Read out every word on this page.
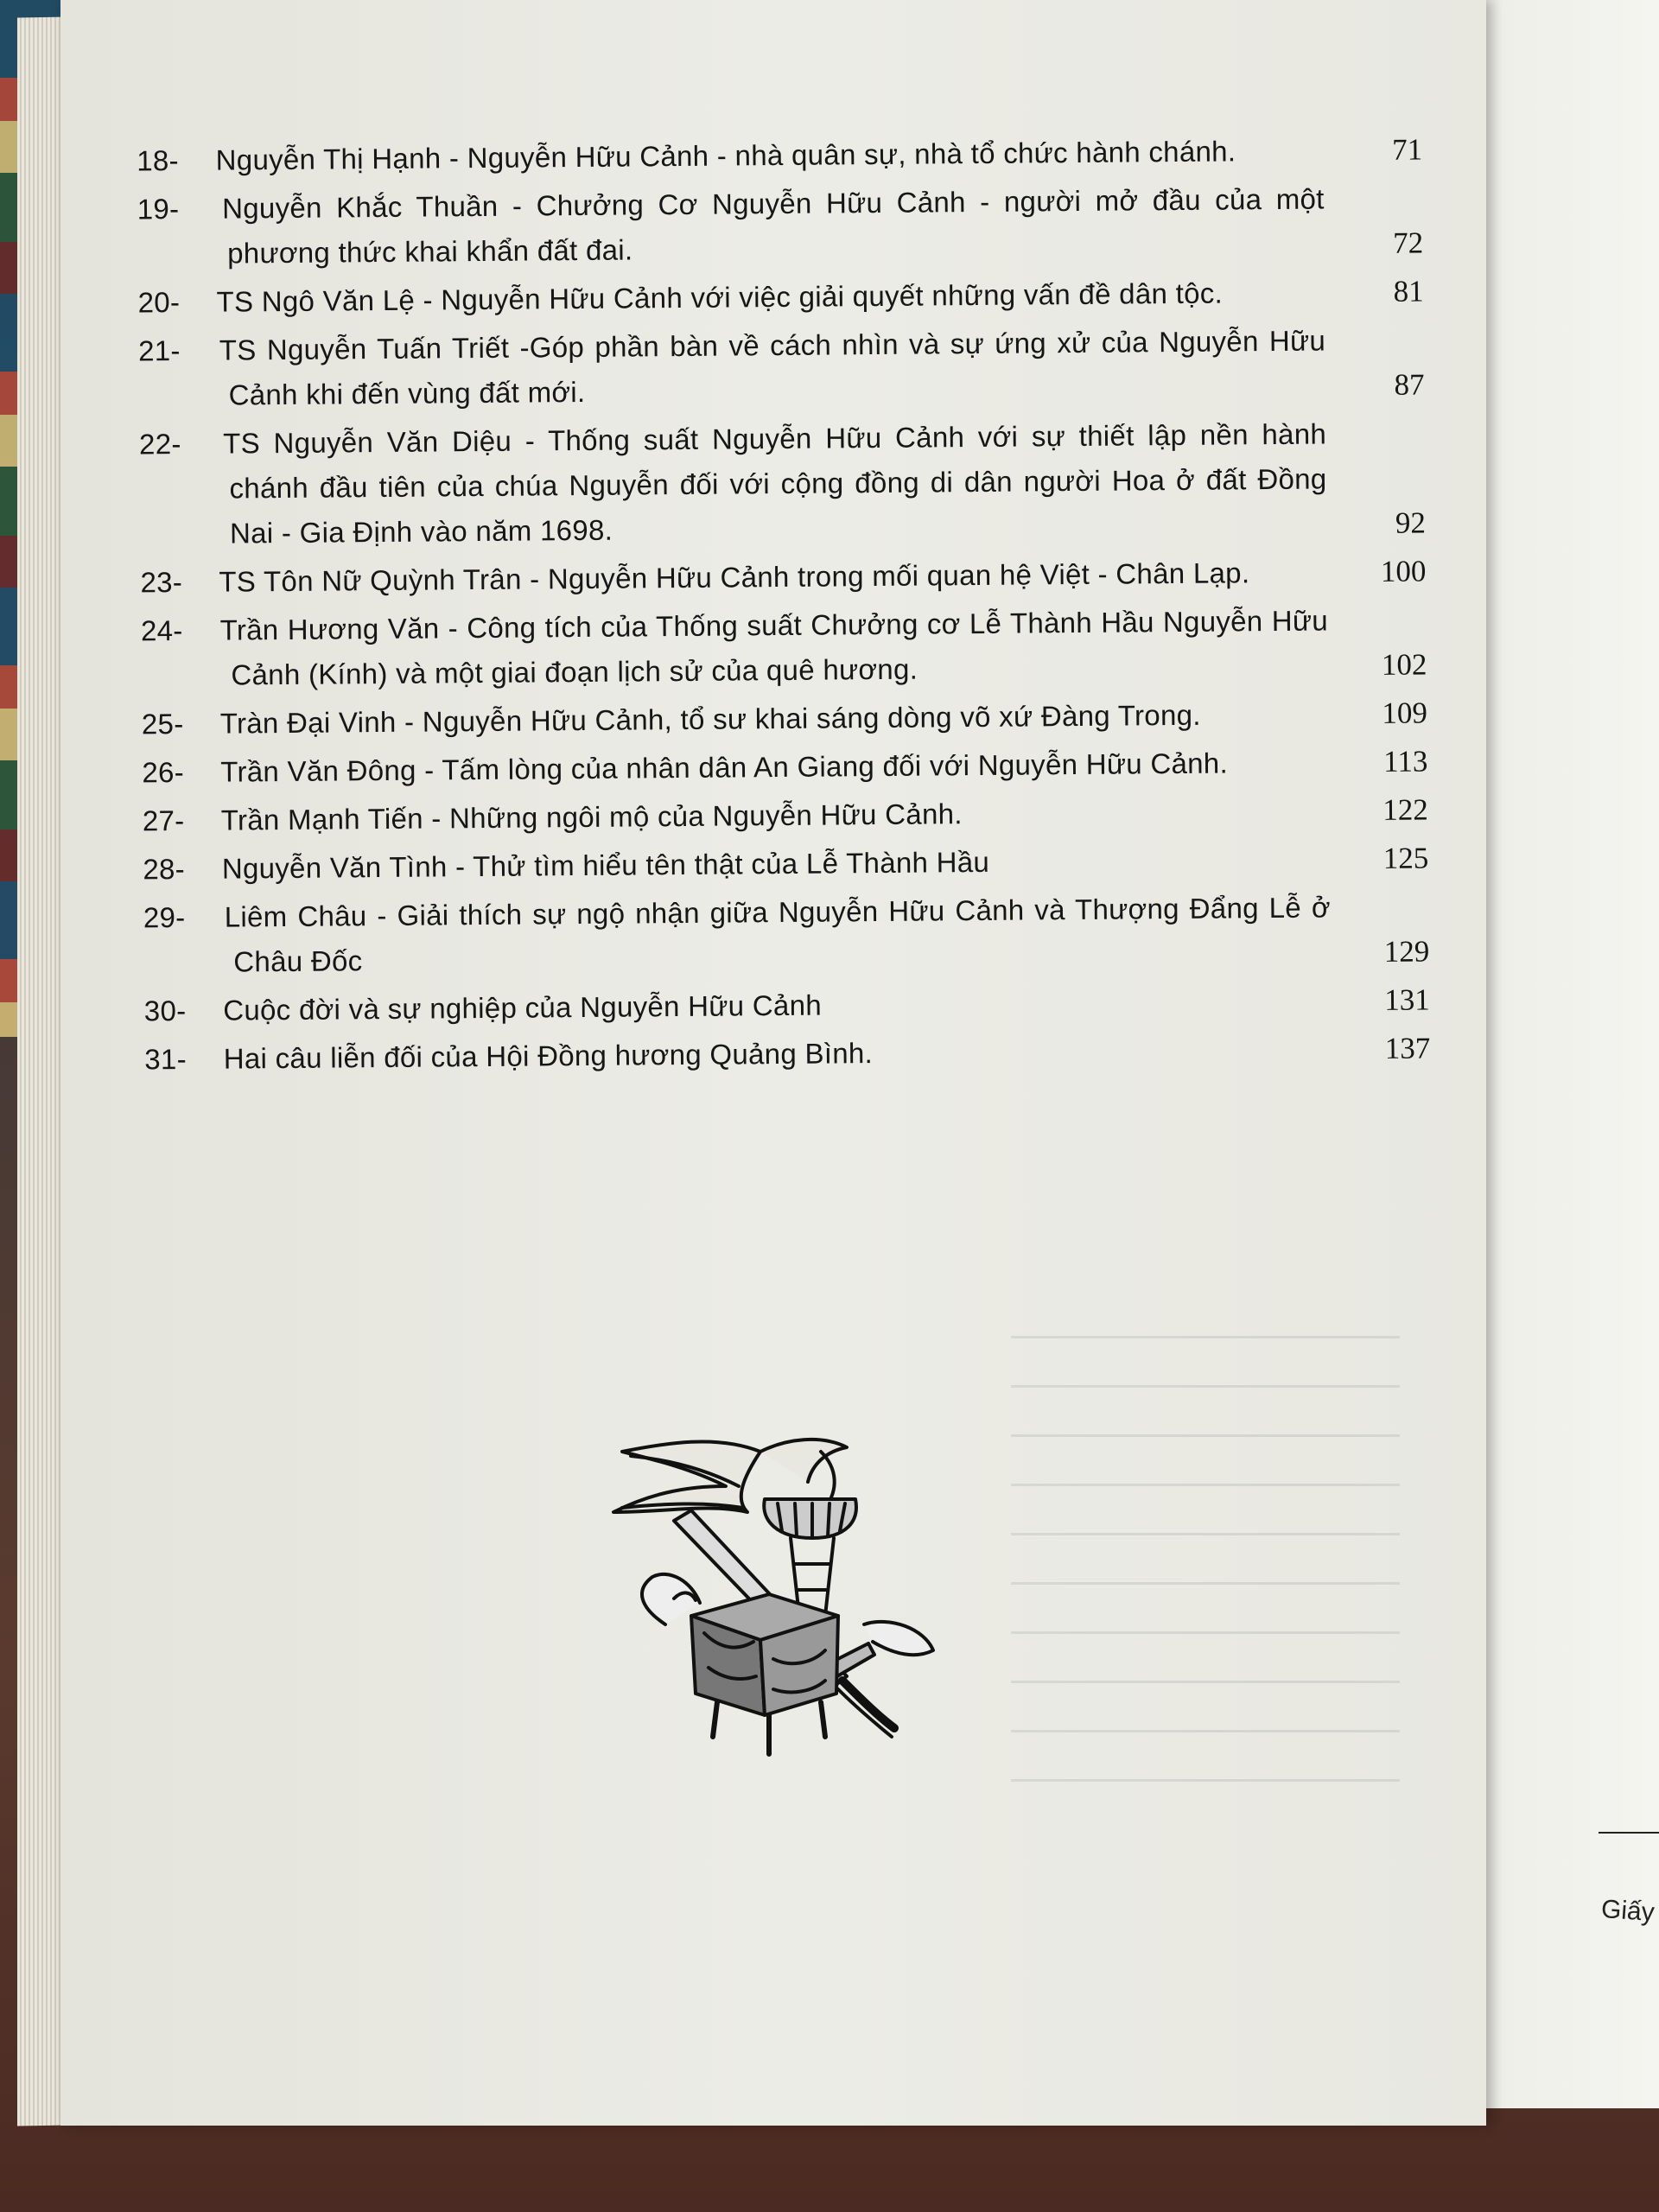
Giấy
18- Nguyễn Thị Hạnh - Nguyễn Hữu Cảnh - nhà quân sự, nhà tổ chức hành chánh.	71
19- Nguyễn Khắc Thuần - Chưởng Cơ Nguyễn Hữu Cảnh - người mở đầu của một phương thức khai khẩn đất đai.	72
20- TS Ngô Văn Lệ - Nguyễn Hữu Cảnh với việc giải quyết những vấn đề dân tộc.	81
21- TS Nguyễn Tuấn Triết -Góp phần bàn về cách nhìn và sự ứng xử của Nguyễn Hữu Cảnh khi đến vùng đất mới.	87
22- TS Nguyễn Văn Diệu - Thống suất Nguyễn Hữu Cảnh với sự thiết lập nền hành chánh đầu tiên của chúa Nguyễn đối với cộng đồng di dân người Hoa ở đất Đồng Nai - Gia Định vào năm 1698.	92
23- TS Tôn Nữ Quỳnh Trân - Nguyễn Hữu Cảnh trong mối quan hệ Việt - Chân Lạp.	100
24- Trần Hương Văn - Công tích của Thống suất Chưởng cơ Lễ Thành Hầu Nguyễn Hữu Cảnh (Kính) và một giai đoạn lịch sử của quê hương.	102
25- Tràn Đại Vinh - Nguyễn Hữu Cảnh, tổ sư khai sáng dòng võ xứ Đàng Trong.	109
26- Trần Văn Đông - Tấm lòng của nhân dân An Giang đối với Nguyễn Hữu Cảnh.	113
27- Trần Mạnh Tiến - Những ngôi mộ của Nguyễn Hữu Cảnh.	122
28- Nguyễn Văn Tình - Thử tìm hiểu tên thật của Lễ Thành Hầu	125
29- Liêm Châu - Giải thích sự ngộ nhận giữa Nguyễn Hữu Cảnh và Thượng Đẩng Lễ ở Châu Đốc	129
30- Cuộc đời và sự nghiệp của Nguyễn Hữu Cảnh	131
31- Hai câu liễn đối của Hội Đồng hương Quảng Bình.	137
